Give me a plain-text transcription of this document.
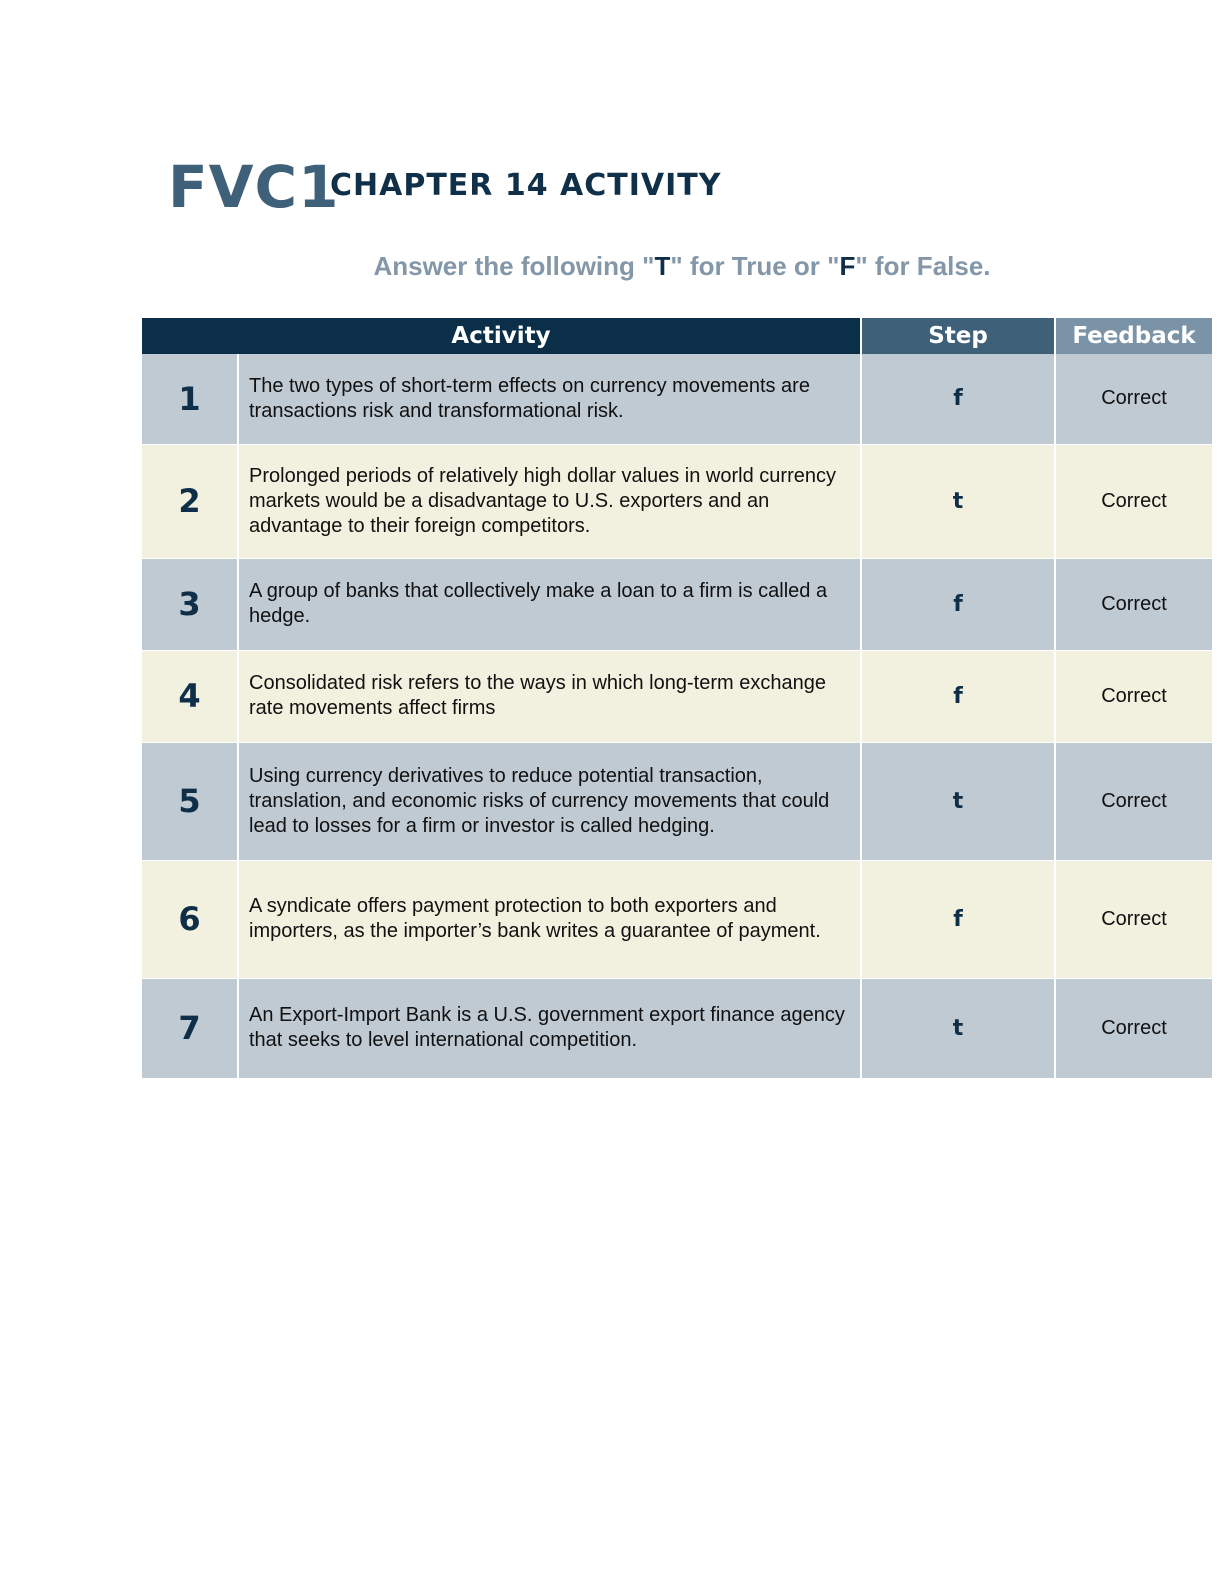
FVC1
CHAPTER 14 ACTIVITY
Answer the following "T" for True or "F" for False.
Activity		Step	Feedback
1	The two types of short-term effects on currency movements are transactions risk and transformational risk.	f	Correct
2	Prolonged periods of relatively high dollar values in world currency markets would be a disadvantage to U.S. exporters and an advantage to their foreign competitors.	t	Correct
3	A group of banks that collectively make a loan to a firm is called a hedge.	f	Correct
4	Consolidated risk refers to the ways in which long-term exchange rate movements affect firms	f	Correct
5	Using currency derivatives to reduce potential transaction, translation, and economic risks of currency movements that could lead to losses for a firm or investor is called hedging.	t	Correct
6	A syndicate offers payment protection to both exporters and importers, as the importer’s bank writes a guarantee of payment.	f	Correct
7	An Export-Import Bank is a U.S. government export finance agency that seeks to level international competition.	t	Correct
